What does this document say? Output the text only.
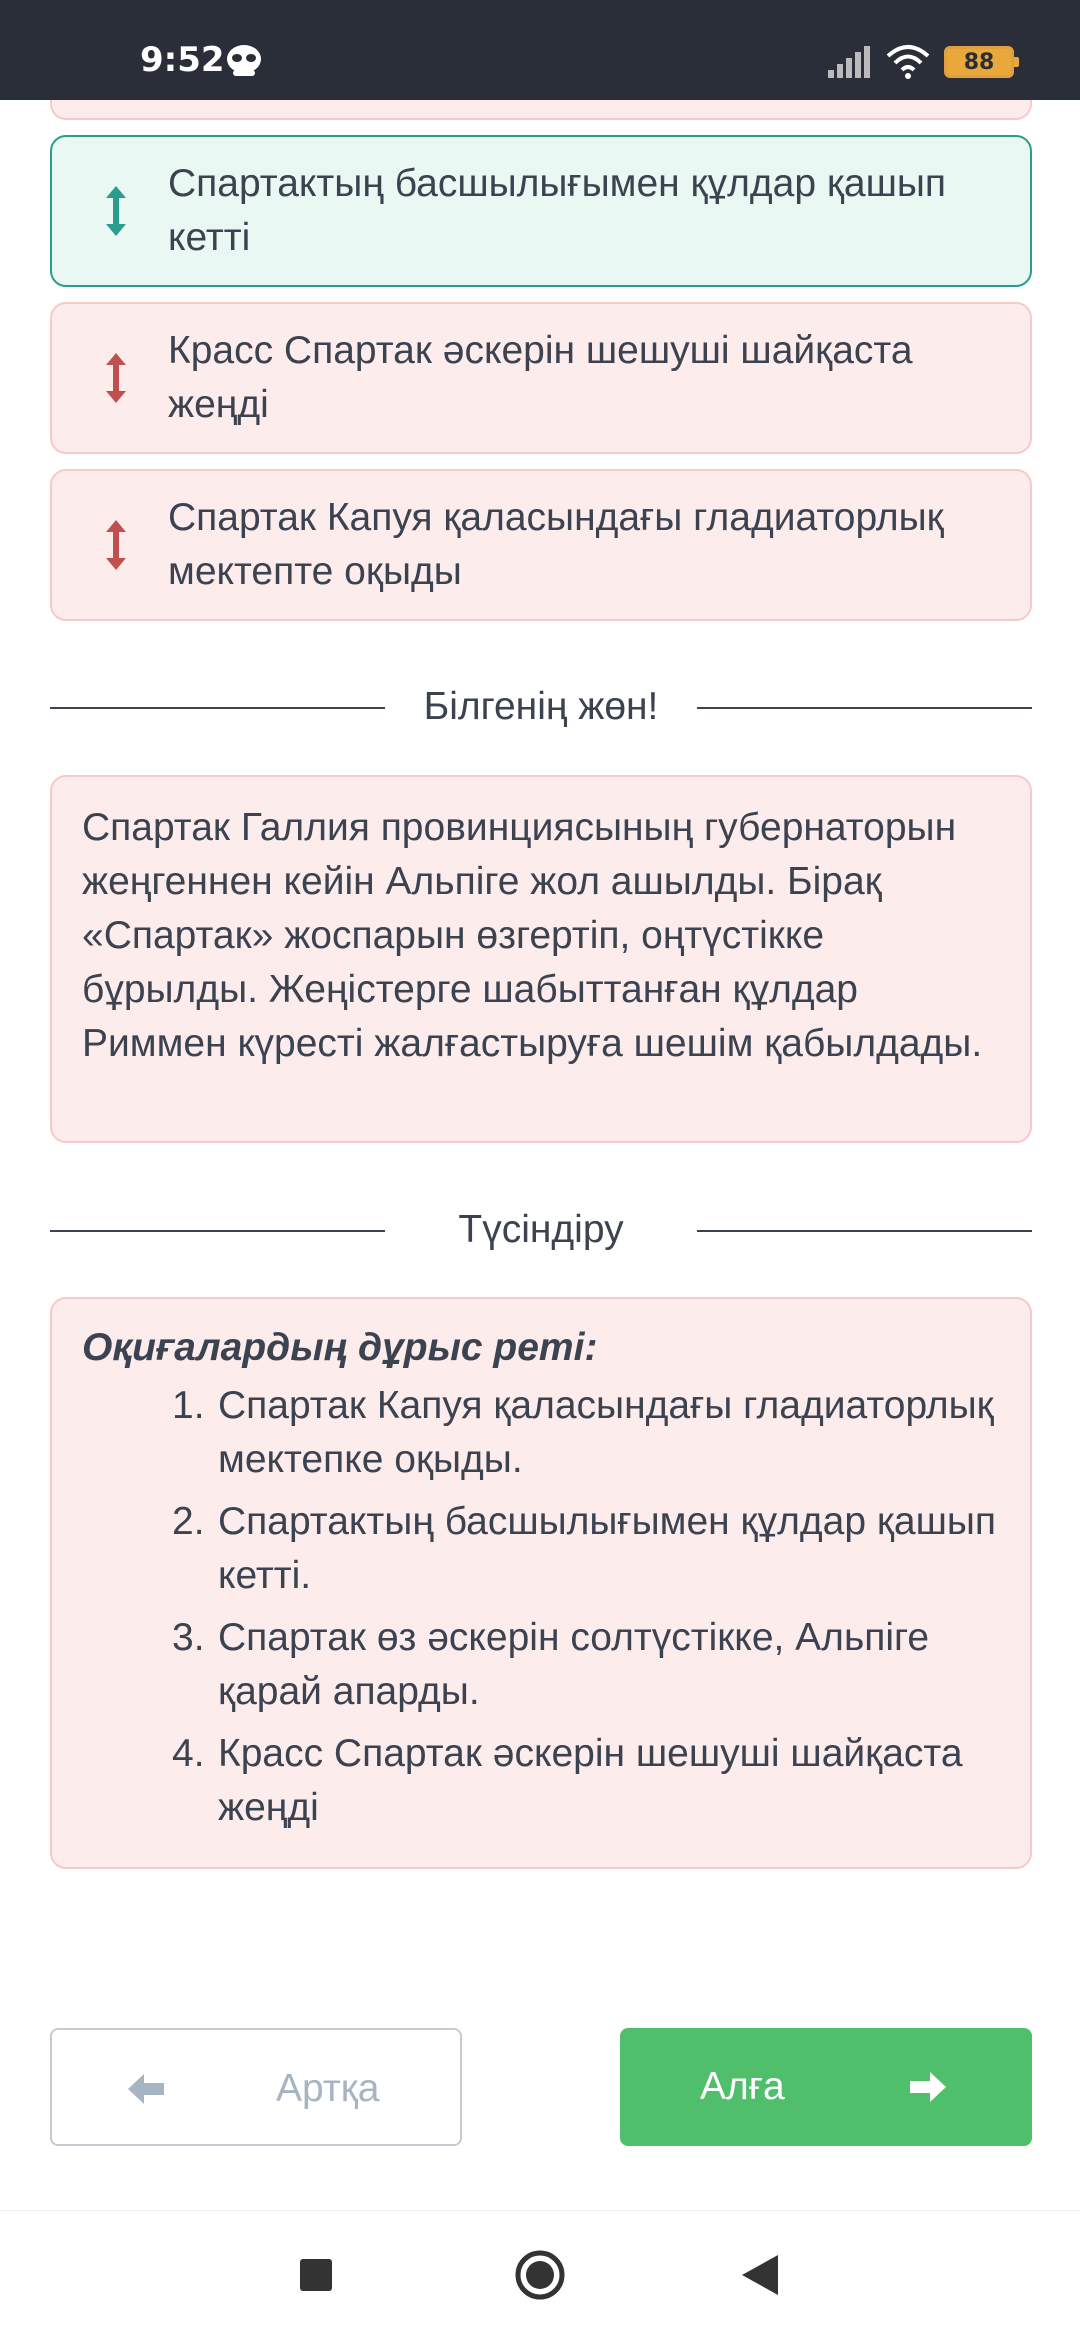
9:52	88
Спартактың басшылығымен құлдар қашып кетті
Красс Спартак әскерін шешуші шайқаста жеңді
Спартак Капуя қаласындағы гладиаторлық мектепте оқыды
Білгенің жөн!
Спартак Галлия провинциясының губернаторын жеңгеннен кейін Альпіге жол ашылды. Бірақ «Спартак» жоспарын өзгертіп, оңтүстікке бұрылды. Жеңістерге шабыттанған құлдар Риммен күресті жалғастыруға шешім қабылдады.
Түсіндіру
Оқиғалардың дұрыс реті:
1. Спартак Капуя қаласындағы гладиаторлық мектепке оқыды.
2. Спартактың басшылығымен құлдар қашып кетті.
3. Спартак өз әскерін солтүстікке, Альпіге қарай апарды.
4. Красс Спартак әскерін шешуші шайқаста жеңді
Артқа	Алға
